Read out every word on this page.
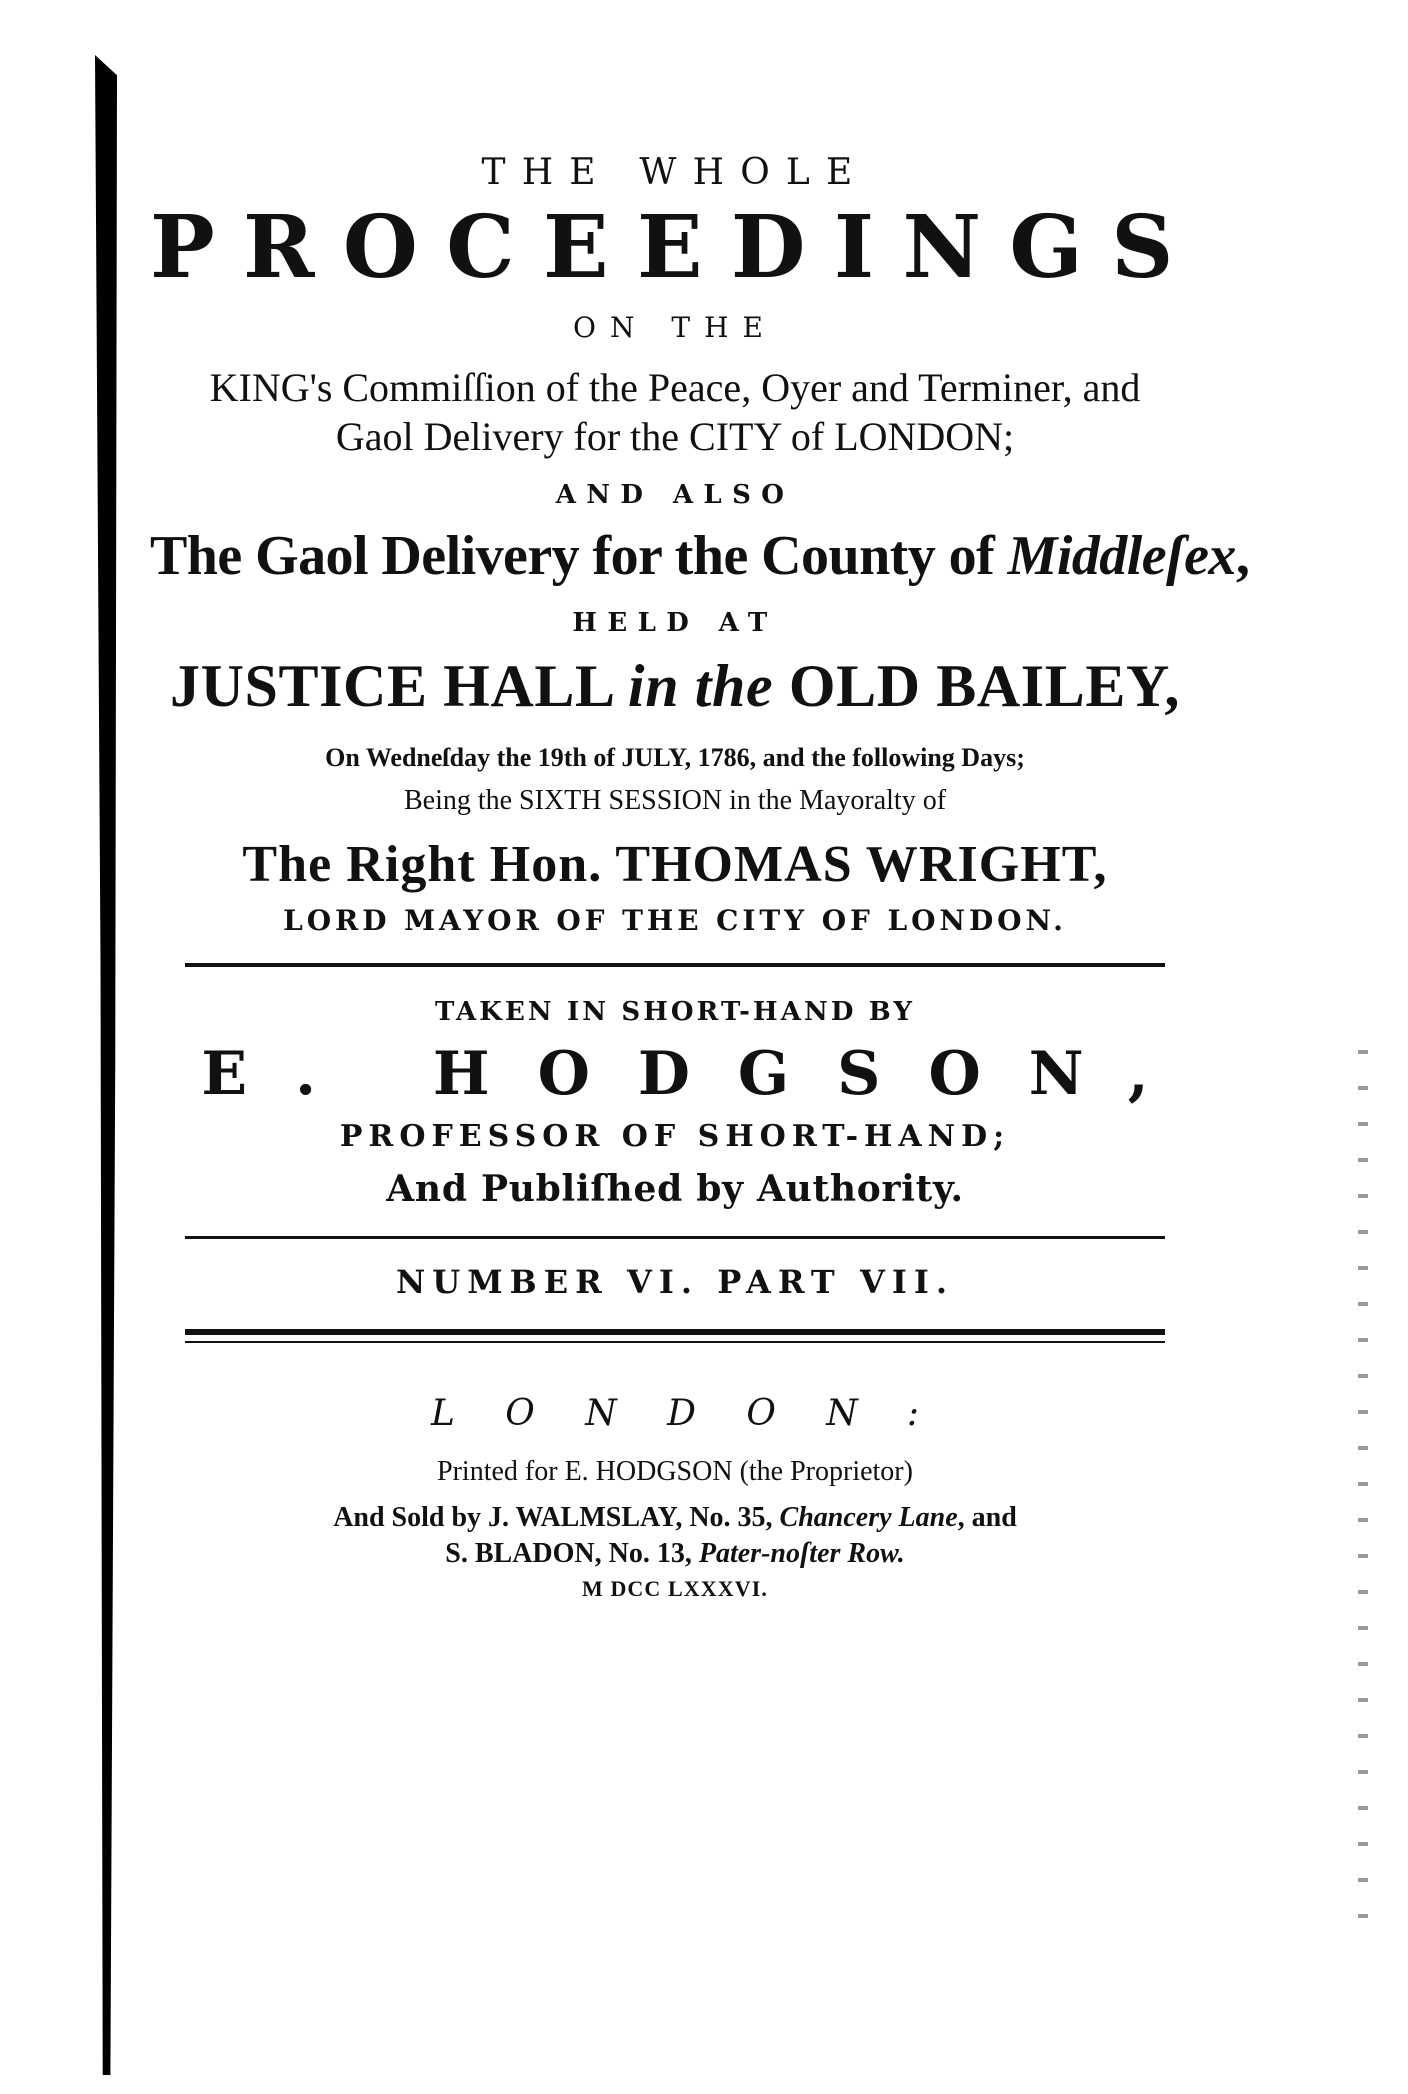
THE WHOLE
PROCEEDINGS
ON THE
KING's Commiſſion of the Peace, Oyer and Terminer, and
Gaol Delivery for the CITY of LONDON;
AND ALSO
The Gaol Delivery for the County of Middleſex,
HELD AT
JUSTICE HALL in the OLD BAILEY,
On Wedneſday the 19th of JULY, 1786, and the following Days;
Being the SIXTH SESSION in the Mayoralty of
The Right Hon. THOMAS WRIGHT,
LORD MAYOR OF THE CITY OF LONDON.
TAKEN IN SHORT-HAND BY
E. HODGSON,
PROFESSOR OF SHORT-HAND;
And Publiſhed by Authority.
NUMBER VI. PART VII.
LONDON:
Printed for E. HODGSON (the Proprietor)
And Sold by J. WALMSLAY, No. 35, Chancery Lane, and
S. BLADON, No. 13, Pater-noſter Row.
M DCC LXXXVI.
